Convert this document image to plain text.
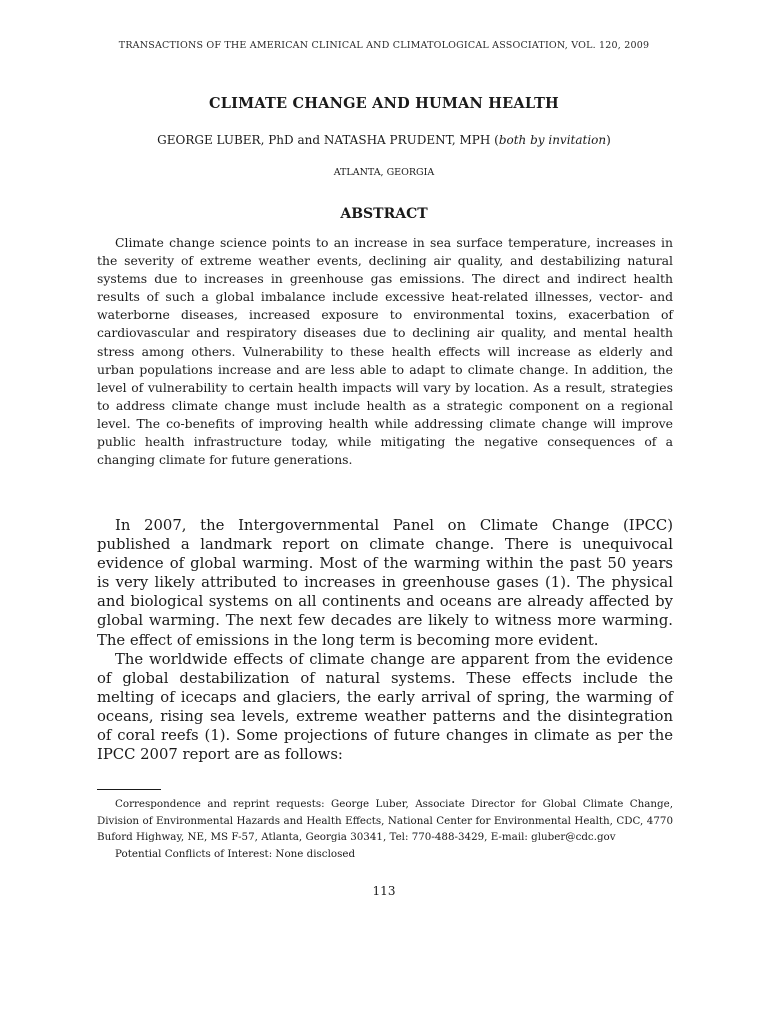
TRANSACTIONS OF THE AMERICAN CLINICAL AND CLIMATOLOGICAL ASSOCIATION, VOL. 120, 2009
CLIMATE CHANGE AND HUMAN HEALTH
GEORGE LUBER, PhD and NATASHA PRUDENT, MPH (both by invitation)
ATLANTA, GEORGIA
ABSTRACT

Climate change science points to an increase in sea surface temperature, increases in the severity of extreme weather events, declining air quality, and destabilizing natural systems due to increases in greenhouse gas emissions. The direct and indirect health results of such a global imbalance include excessive heat-related illnesses, vector- and waterborne diseases, increased exposure to environmental toxins, exacerbation of cardiovascular and respiratory diseases due to declining air quality, and mental health stress among others. Vulnerability to these health effects will increase as elderly and urban populations increase and are less able to adapt to climate change. In addition, the level of vulnerability to certain health impacts will vary by location. As a result, strategies to address climate change must include health as a strategic component on a regional level. The co-benefits of improving health while addressing climate change will improve public health infrastructure today, while mitigating the negative consequences of a changing climate for future generations.

In 2007, the Intergovernmental Panel on Climate Change (IPCC) published a landmark report on climate change. There is unequivocal evidence of global warming. Most of the warming within the past 50 years is very likely attributed to increases in greenhouse gases (1). The physical and biological systems on all continents and oceans are already affected by global warming. The next few decades are likely to witness more warming. The effect of emissions in the long term is becoming more evident.

The worldwide effects of climate change are apparent from the evidence of global destabilization of natural systems. These effects include the melting of icecaps and glaciers, the early arrival of spring, the warming of oceans, rising sea levels, extreme weather patterns and the disintegration of coral reefs (1). Some projections of future changes in climate as per the IPCC 2007 report are as follows:

Correspondence and reprint requests: George Luber, Associate Director for Global Climate Change, Division of Environmental Hazards and Health Effects, National Center for Environmental Health, CDC, 4770 Buford Highway, NE, MS F-57, Atlanta, Georgia 30341, Tel: 770-488-3429, E-mail: gluber@cdc.gov

Potential Conflicts of Interest: None disclosed

113
